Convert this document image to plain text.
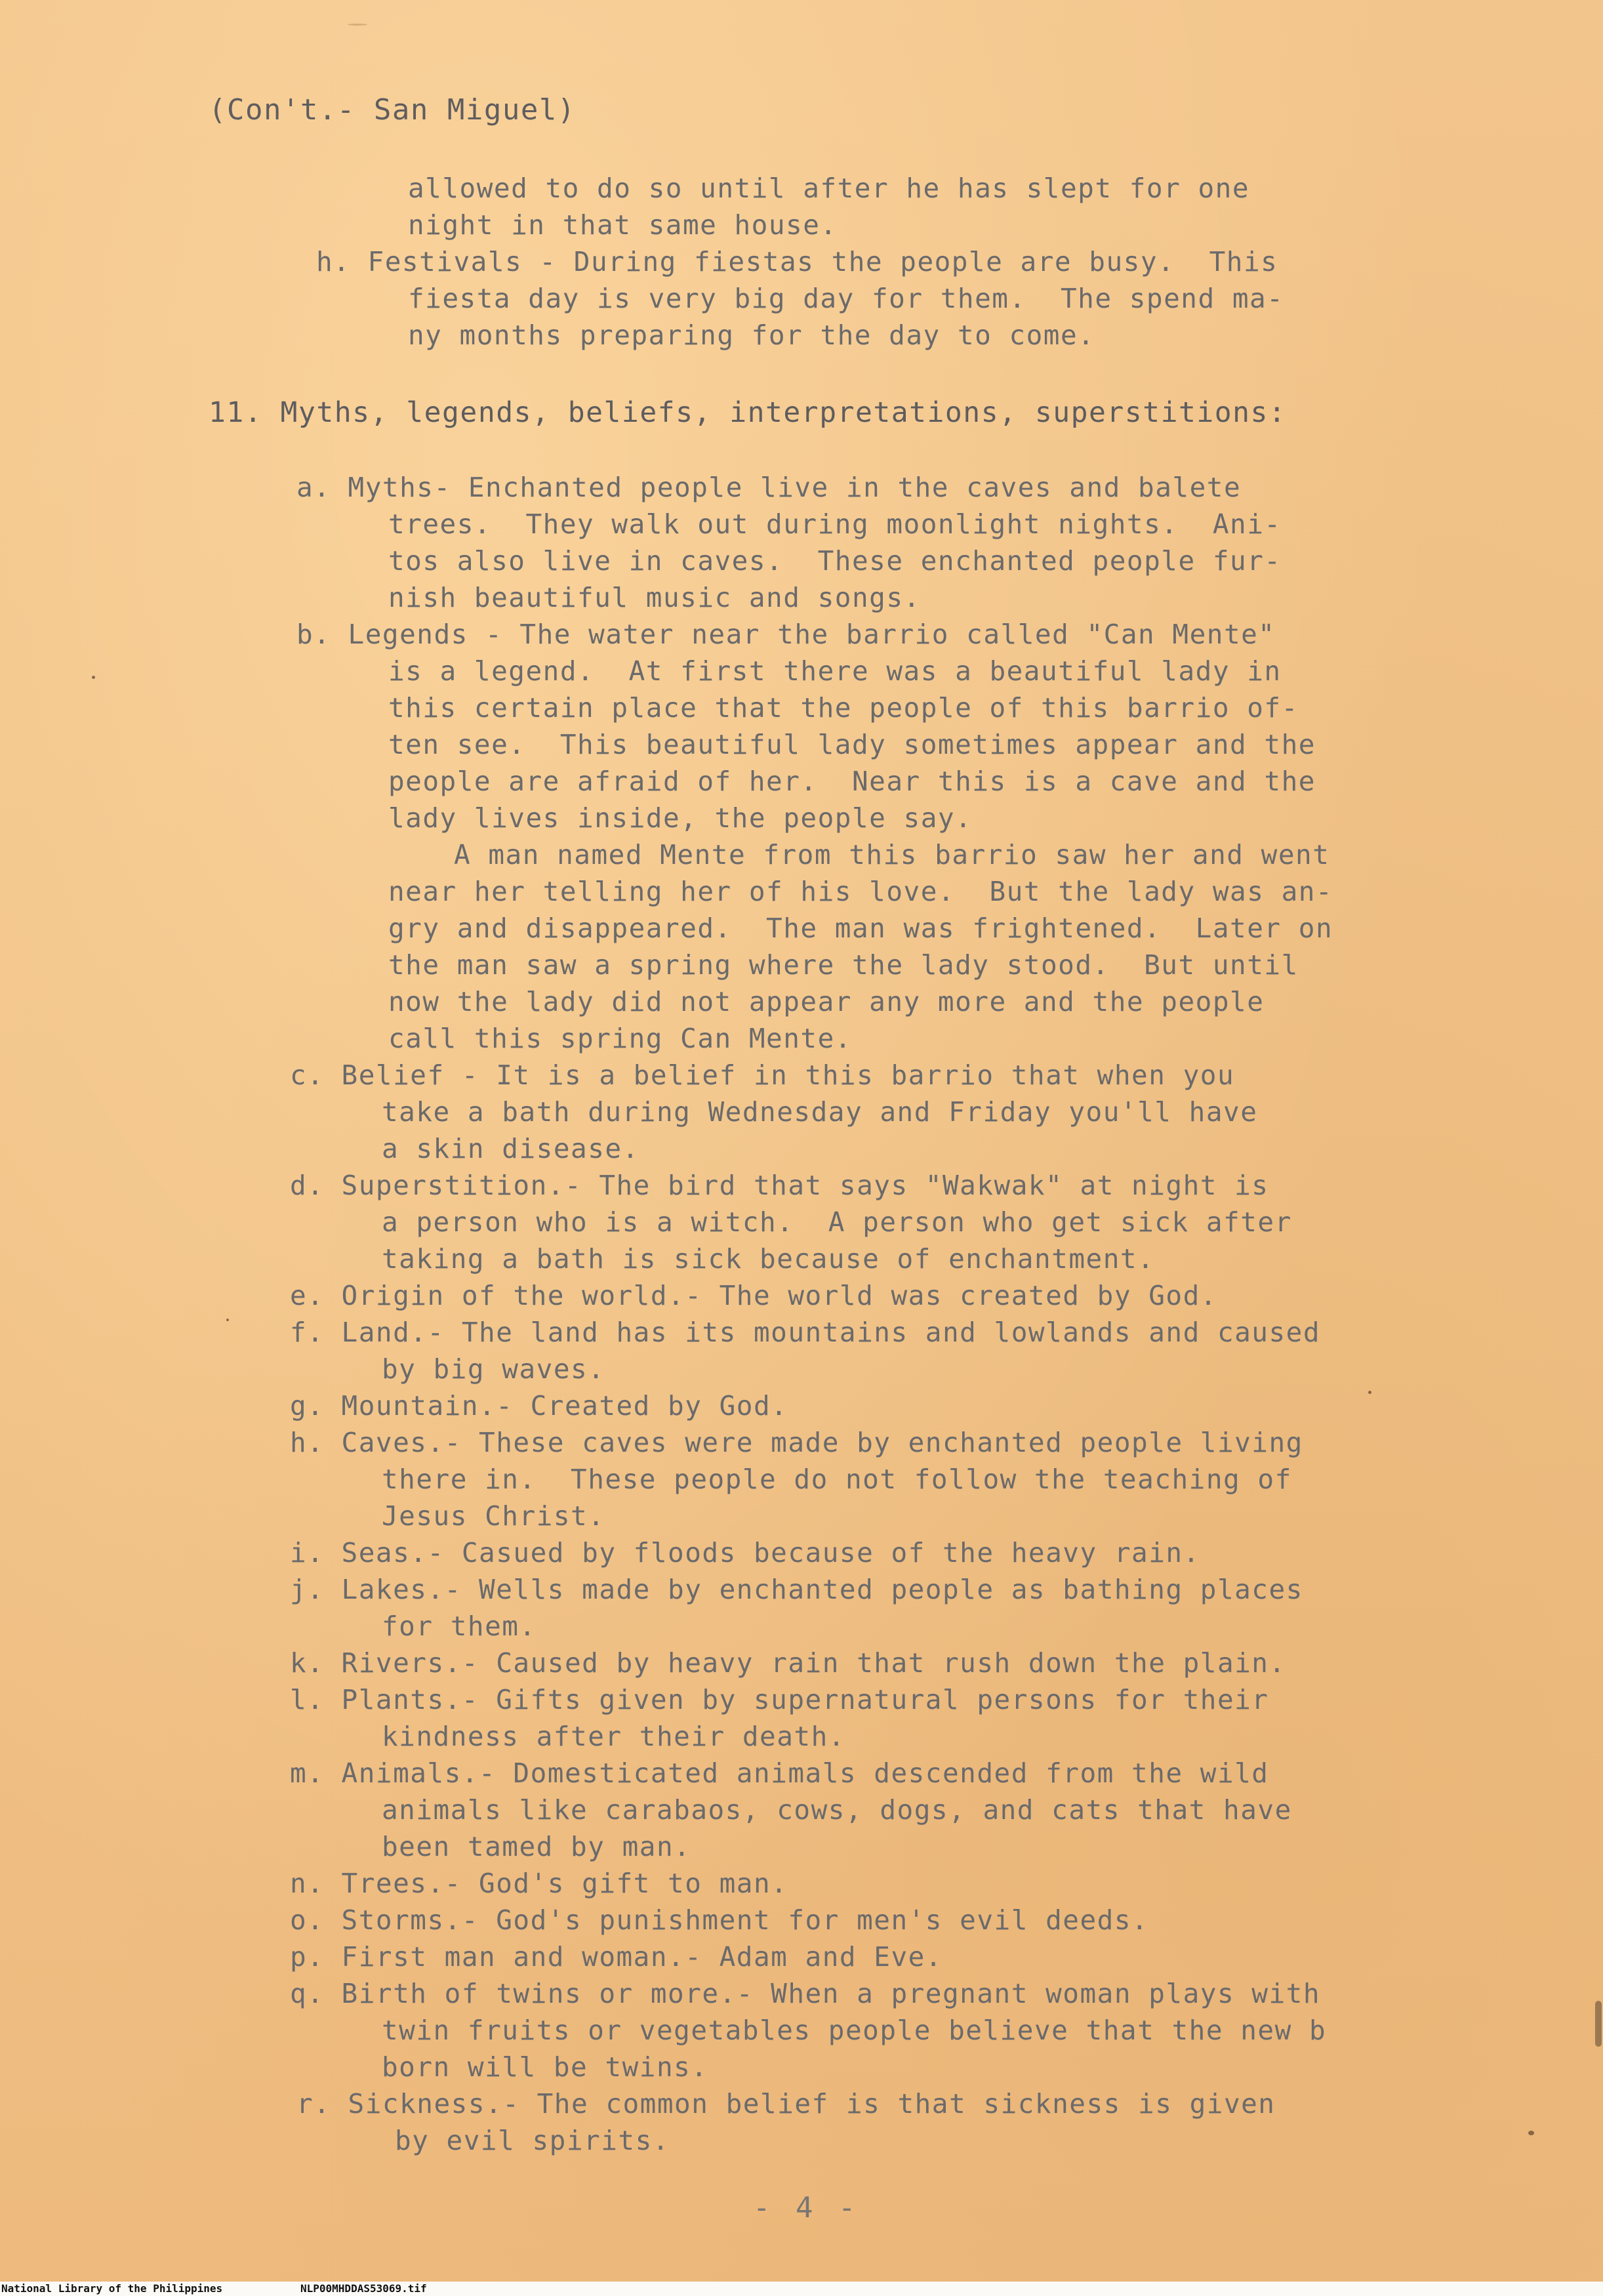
(Con't.- San Miguel)
allowed to do so until after he has slept for one
night in that same house.
h. Festivals - During fiestas the people are busy.  This
fiesta day is very big day for them.  The spend ma-
ny months preparing for the day to come.
11. Myths, legends, beliefs, interpretations, superstitions:
a. Myths- Enchanted people live in the caves and balete
trees.  They walk out during moonlight nights.  Ani-
tos also live in caves.  These enchanted people fur-
nish beautiful music and songs.
b. Legends - The water near the barrio called "Can Mente"
is a legend.  At first there was a beautiful lady in
this certain place that the people of this barrio of-
ten see.  This beautiful lady sometimes appear and the
people are afraid of her.  Near this is a cave and the
lady lives inside, the people say.
A man named Mente from this barrio saw her and went
near her telling her of his love.  But the lady was an-
gry and disappeared.  The man was frightened.  Later on
the man saw a spring where the lady stood.  But until
now the lady did not appear any more and the people
call this spring Can Mente.
c. Belief - It is a belief in this barrio that when you
take a bath during Wednesday and Friday you'll have
a skin disease.
d. Superstition.- The bird that says "Wakwak" at night is
a person who is a witch.  A person who get sick after
taking a bath is sick because of enchantment.
e. Origin of the world.- The world was created by God.
f. Land.- The land has its mountains and lowlands and caused
by big waves.
g. Mountain.- Created by God.
h. Caves.- These caves were made by enchanted people living
there in.  These people do not follow the teaching of
Jesus Christ.
i. Seas.- Casued by floods because of the heavy rain.
j. Lakes.- Wells made by enchanted people as bathing places
for them.
k. Rivers.- Caused by heavy rain that rush down the plain.
l. Plants.- Gifts given by supernatural persons for their
kindness after their death.
m. Animals.- Domesticated animals descended from the wild
animals like carabaos, cows, dogs, and cats that have
been tamed by man.
n. Trees.- God's gift to man.
o. Storms.- God's punishment for men's evil deeds.
p. First man and woman.- Adam and Eve.
q. Birth of twins or more.- When a pregnant woman plays with
twin fruits or vegetables people believe that the new b
born will be twins.
r. Sickness.- The common belief is that sickness is given
by evil spirits.
- 4 -
National Library of the Philippines	NLP00MHDDAS53069.tif
